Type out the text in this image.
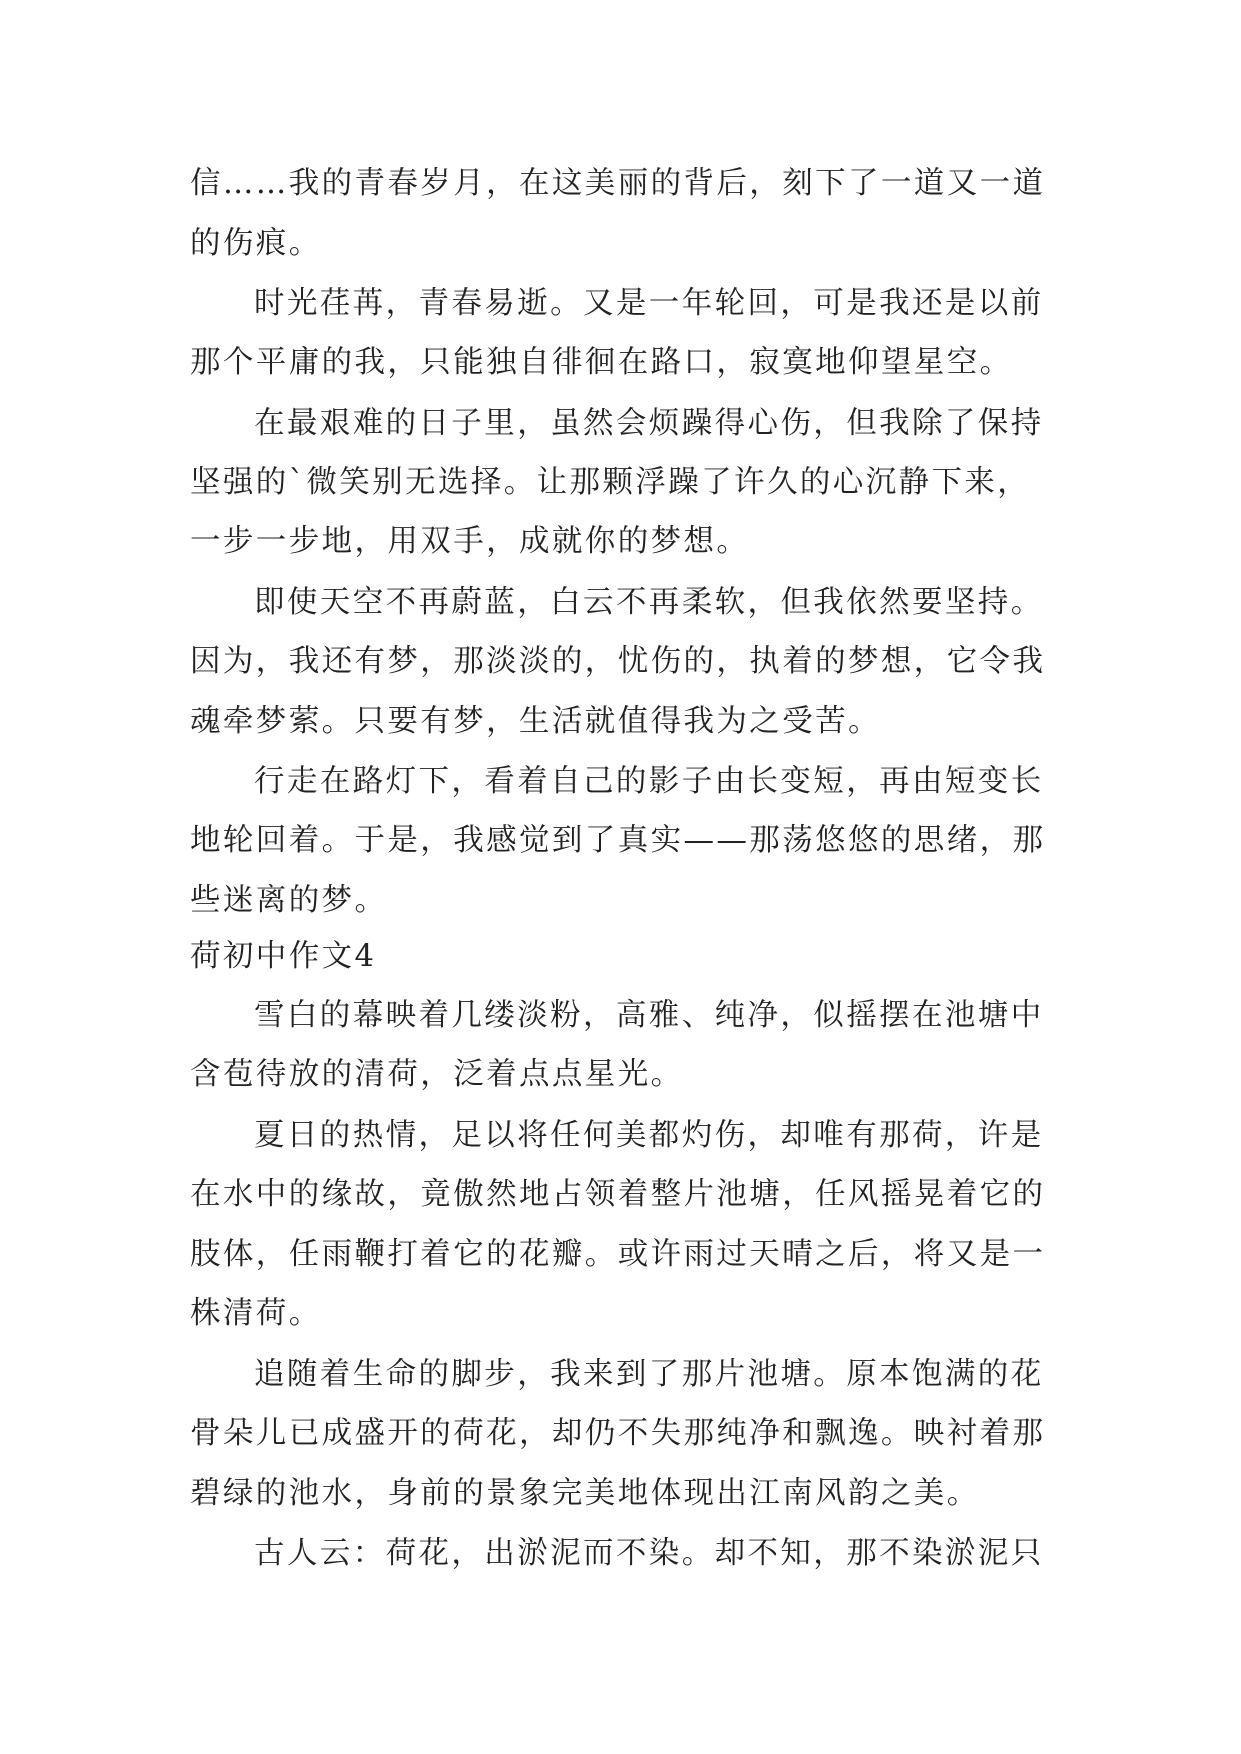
信……我的青春岁月，在这美丽的背后，刻下了一道又一道
的伤痕。
时光荏苒，青春易逝。又是一年轮回，可是我还是以前
那个平庸的我，只能独自徘徊在路口，寂寞地仰望星空。
在最艰难的日子里，虽然会烦躁得心伤，但我除了保持
坚强的`微笑别无选择。让那颗浮躁了许久的心沉静下来，
一步一步地，用双手，成就你的梦想。
即使天空不再蔚蓝，白云不再柔软，但我依然要坚持。
因为，我还有梦，那淡淡的，忧伤的，执着的梦想，它令我
魂牵梦萦。只要有梦，生活就值得我为之受苦。
行走在路灯下，看着自己的影子由长变短，再由短变长
地轮回着。于是，我感觉到了真实——那荡悠悠的思绪，那
些迷离的梦。
荷初中作文4
雪白的幕映着几缕淡粉，高雅、纯净，似摇摆在池塘中
含苞待放的清荷，泛着点点星光。
夏日的热情，足以将任何美都灼伤，却唯有那荷，许是
在水中的缘故，竟傲然地占领着整片池塘，任风摇晃着它的
肢体，任雨鞭打着它的花瓣。或许雨过天晴之后，将又是一
株清荷。
追随着生命的脚步，我来到了那片池塘。原本饱满的花
骨朵儿已成盛开的荷花，却仍不失那纯净和飘逸。映衬着那
碧绿的池水，身前的景象完美地体现出江南风韵之美。
古人云：荷花，出淤泥而不染。却不知，那不染淤泥只
